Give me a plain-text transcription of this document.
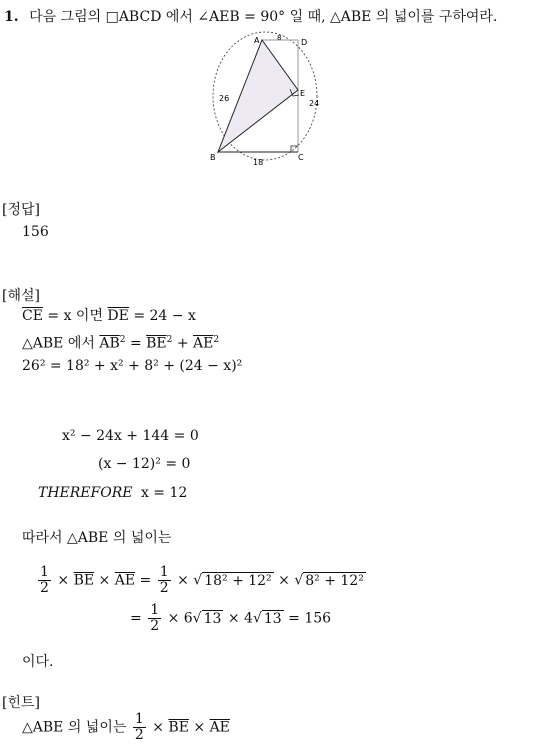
1. 다음 그림의 □ABCD 에서 ∠AEB = 90° 일 때, △ABE 의 넓이를 구하여라.
A	D
E
B	C
8
26
24
18
[정답]
156
[해설]
$\overline{CE} = x$ 이면 $\overline{DE} = 24 - x$
△ABE 에서 $\overline{AB}^2 = \overline{BE}^2 + \overline{AE}^2$
26² = 18² + x² + 8² + (24 − x)²
x² − 24x + 144 = 0
(x − 12)² = 0
THEREFORE x = 12
따라서 △ABE 의 넓이는
$\frac{1}{2} \times \overline{BE} \times \overline{AE} = \frac{1}{2}$ × √ 18² + 12² × √ 8² + 12²
= $\frac{1}{2} \times 6√$ 13 × 4√ 13 = 156
이다.
[힌트]
△ABE 의 넓이는 $\frac{1}{2} \times \overline{BE} \times \overline{AE}$
